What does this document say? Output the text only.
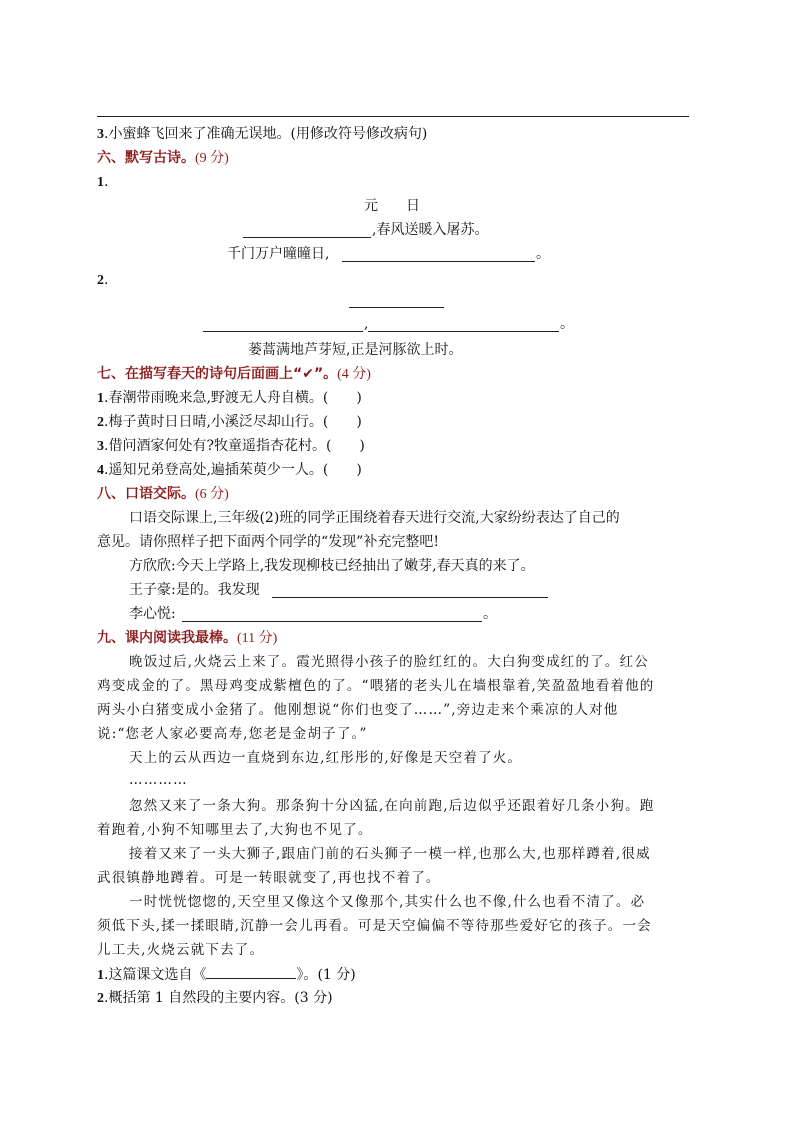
3.小蜜蜂飞回来了准确无误地。(用修改符号修改病句)
六、默写古诗。(9 分)
1.
元　　日
,春风送暖入屠苏。
千门万户曈曈日,	。
2.
,	。
蒌蒿满地芦芽短,正是河豚欲上时。
七、在描写春天的诗句后面画上“✔”。(4 分)
1.春潮带雨晚来急,野渡无人舟自横。(　　)
2.梅子黄时日日晴,小溪泛尽却山行。(　　)
3.借问酒家何处有?牧童遥指杏花村。(　　)
4.遥知兄弟登高处,遍插茱萸少一人。(　　)
八、口语交际。(6 分)
口语交际课上,三年级(2)班的同学正围绕着春天进行交流,大家纷纷表达了自己的
意见。请你照样子把下面两个同学的“发现”补充完整吧!
方欣欣:今天上学路上,我发现柳枝已经抽出了嫩芽,春天真的来了。
王子豪:是的。我发现
李心悦:	。
九、课内阅读我最棒。(11 分)
晚饭过后,火烧云上来了。霞光照得小孩子的脸红红的。大白狗变成红的了。红公
鸡变成金的了。黑母鸡变成紫檀色的了。“喂猪的老头儿在墙根靠着,笑盈盈地看着他的
两头小白猪变成小金猪了。他刚想说“你们也变了……”,旁边走来个乘凉的人对他
说:“您老人家必要高寿,您老是金胡子了。”
天上的云从西边一直烧到东边,红彤彤的,好像是天空着了火。
…………
忽然又来了一条大狗。那条狗十分凶猛,在向前跑,后边似乎还跟着好几条小狗。跑
着跑着,小狗不知哪里去了,大狗也不见了。
接着又来了一头大狮子,跟庙门前的石头狮子一模一样,也那么大,也那样蹲着,很威
武很镇静地蹲着。可是一转眼就变了,再也找不着了。
一时恍恍惚惚的,天空里又像这个又像那个,其实什么也不像,什么也看不清了。必
须低下头,揉一揉眼睛,沉静一会儿再看。可是天空偏偏不等待那些爱好它的孩子。一会
儿工夫,火烧云就下去了。
1.这篇课文选自《	》。(1 分)
2.概括第 1 自然段的主要内容。(3 分)
